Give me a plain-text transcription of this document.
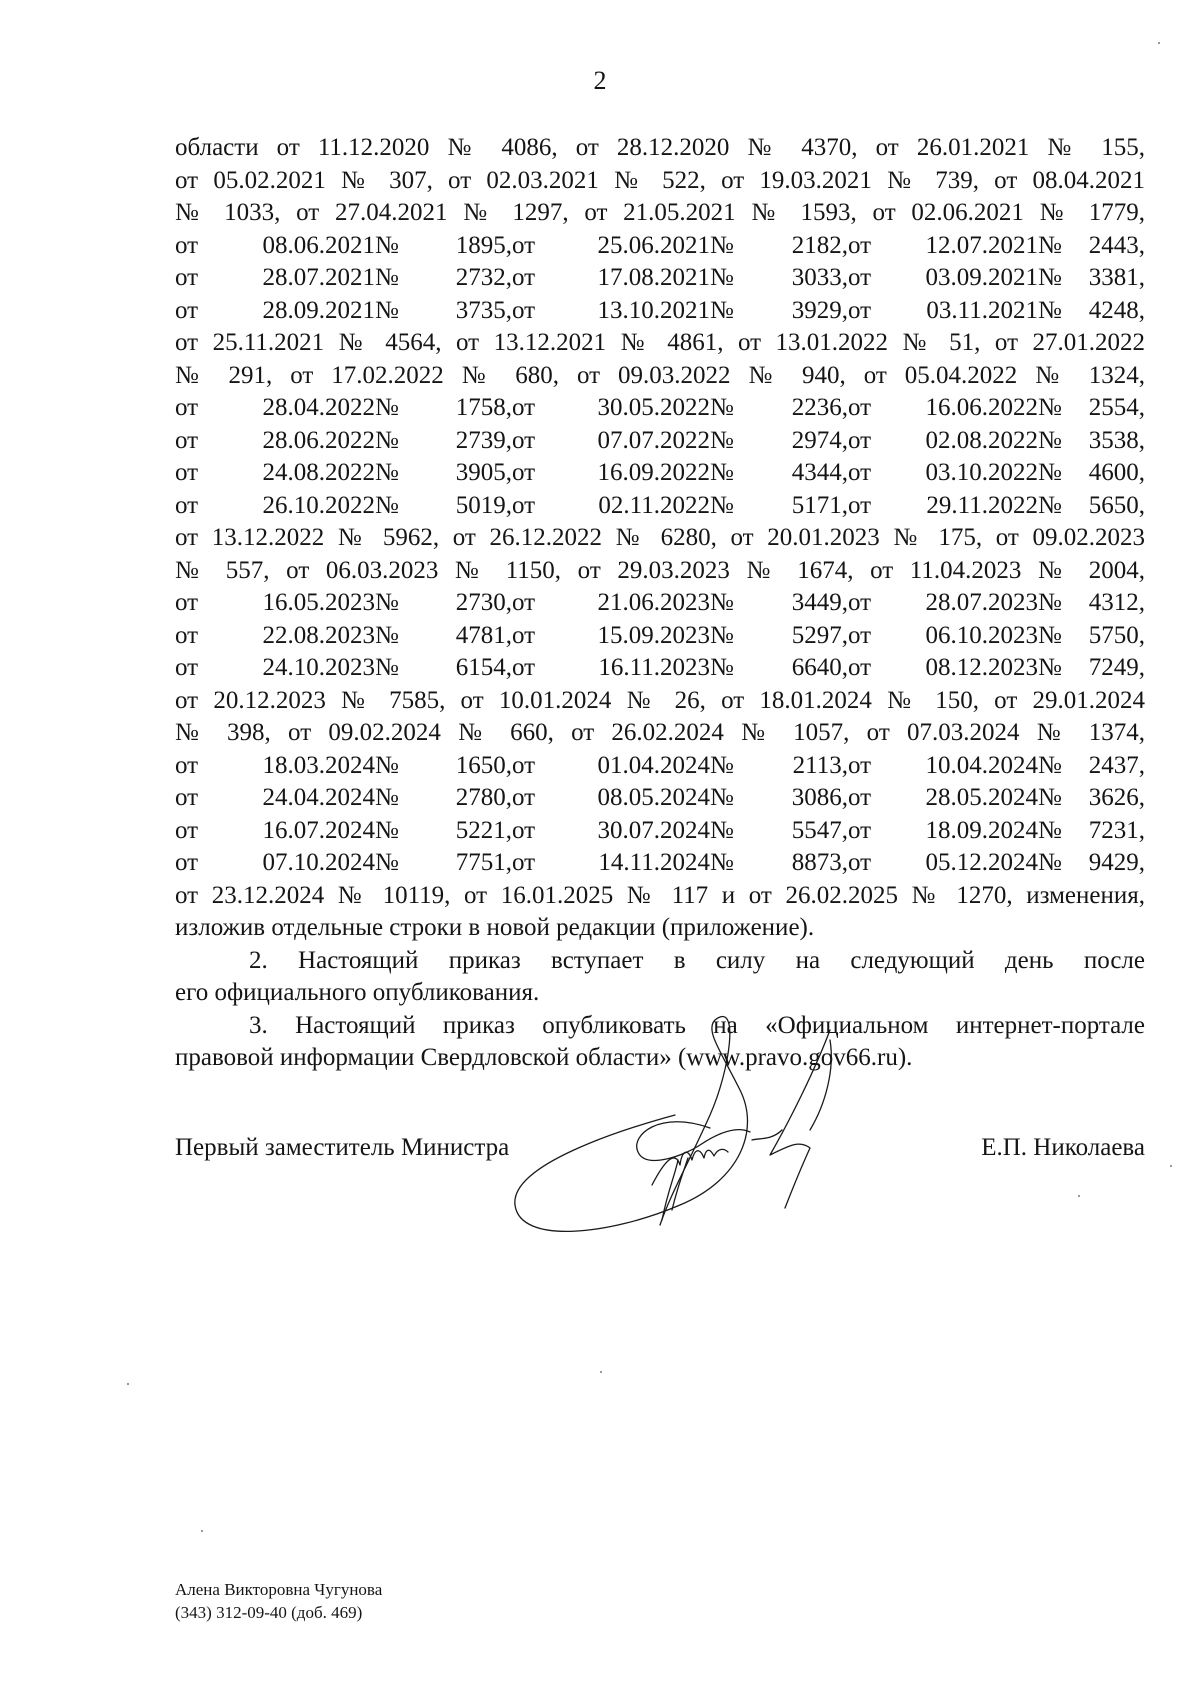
2
области от 11.12.2020 № 4086, от 28.12.2020 № 4370, от 26.01.2021 № 155,
от 05.02.2021 № 307, от 02.03.2021 № 522, от 19.03.2021 № 739, от 08.04.2021
№ 1033, от 27.04.2021 № 1297, от 21.05.2021 № 1593, от 02.06.2021 № 1779,
от 08.06.2021 № 1895, от 25.06.2021 № 2182, от 12.07.2021 № 2443,
от 28.07.2021 № 2732, от 17.08.2021 № 3033, от 03.09.2021 № 3381,
от 28.09.2021 № 3735, от 13.10.2021 № 3929, от 03.11.2021 № 4248,
от 25.11.2021 № 4564, от 13.12.2021 № 4861, от 13.01.2022 № 51, от 27.01.2022
№ 291, от 17.02.2022 № 680, от 09.03.2022 № 940, от 05.04.2022 № 1324,
от 28.04.2022 № 1758, от 30.05.2022 № 2236, от 16.06.2022 № 2554,
от 28.06.2022 № 2739, от 07.07.2022 № 2974, от 02.08.2022 № 3538,
от 24.08.2022 № 3905, от 16.09.2022 № 4344, от 03.10.2022 № 4600,
от 26.10.2022 № 5019, от 02.11.2022 № 5171, от 29.11.2022 № 5650,
от 13.12.2022 № 5962, от 26.12.2022 № 6280, от 20.01.2023 № 175, от 09.02.2023
№ 557, от 06.03.2023 № 1150, от 29.03.2023 № 1674, от 11.04.2023 № 2004,
от 16.05.2023 № 2730, от 21.06.2023 № 3449, от 28.07.2023 № 4312,
от 22.08.2023 № 4781, от 15.09.2023 № 5297, от 06.10.2023 № 5750,
от 24.10.2023 № 6154, от 16.11.2023 № 6640, от 08.12.2023 № 7249,
от 20.12.2023 № 7585, от 10.01.2024 № 26, от 18.01.2024 № 150, от 29.01.2024
№ 398, от 09.02.2024 № 660, от 26.02.2024 № 1057, от 07.03.2024 № 1374,
от 18.03.2024 № 1650, от 01.04.2024 № 2113, от 10.04.2024 № 2437,
от 24.04.2024 № 2780, от 08.05.2024 № 3086, от 28.05.2024 № 3626,
от 16.07.2024 № 5221, от 30.07.2024 № 5547, от 18.09.2024 № 7231,
от 07.10.2024 № 7751, от 14.11.2024 № 8873, от 05.12.2024 № 9429,
от 23.12.2024 № 10119, от 16.01.2025 № 117 и от 26.02.2025 № 1270, изменения,
изложив отдельные строки в новой редакции (приложение).
2. Настоящий приказ вступает в силу на следующий день после
его официального опубликования.
3. Настоящий приказ опубликовать на «Официальном интернет-портале
правовой информации Свердловской области» (www.pravo.gov66.ru).
Первый заместитель Министра	Е.П. Николаева
Алена Викторовна Чугунова
(343) 312-09-40 (доб. 469)
